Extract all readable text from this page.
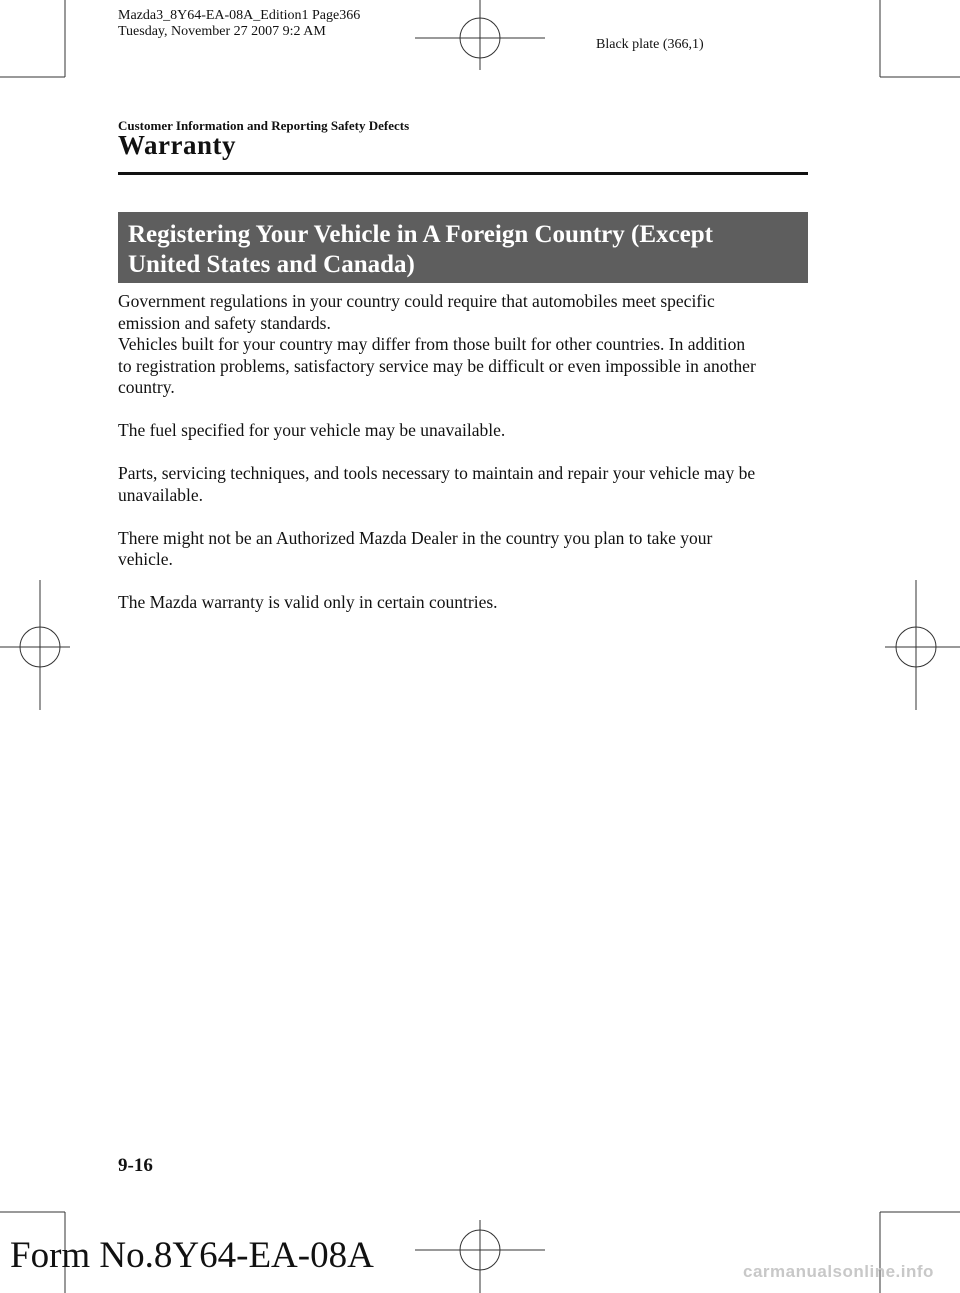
Mazda3_8Y64-EA-08A_Edition1 Page366
Tuesday, November 27 2007 9:2 AM
Black plate (366,1)
Customer Information and Reporting Safety Defects
Warranty
Registering Your Vehicle in A Foreign Country (Except
United States and Canada)

Government regulations in your country could require that automobiles meet specific
emission and safety standards.
Vehicles built for your country may differ from those built for other countries. In addition
to registration problems, satisfactory service may be difficult or even impossible in another
country.

The fuel specified for your vehicle may be unavailable.

Parts, servicing techniques, and tools necessary to maintain and repair your vehicle may be
unavailable.

There might not be an Authorized Mazda Dealer in the country you plan to take your
vehicle.

The Mazda warranty is valid only in certain countries.

9-16
Form No.8Y64-EA-08A	carmanualsonline.info
